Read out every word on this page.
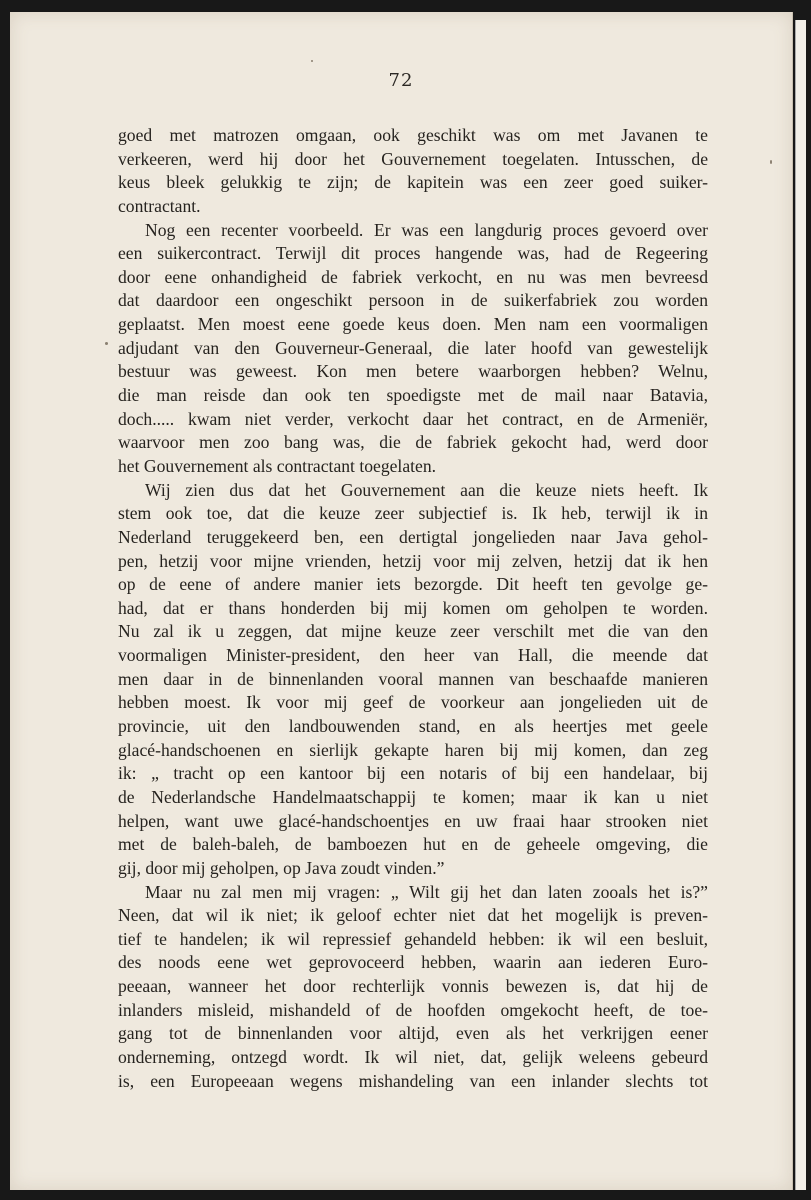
72
goed met matrozen omgaan, ook geschikt was om met Javanen te
verkeeren, werd hij door het Gouvernement toegelaten. Intusschen, de
keus bleek gelukkig te zijn; de kapitein was een zeer goed suiker-
contractant.
Nog een recenter voorbeeld. Er was een langdurig proces gevoerd over
een suikercontract. Terwijl dit proces hangende was, had de Regeering
door eene onhandigheid de fabriek verkocht, en nu was men bevreesd
dat daardoor een ongeschikt persoon in de suikerfabriek zou worden
geplaatst. Men moest eene goede keus doen. Men nam een voormaligen
adjudant van den Gouverneur-Generaal, die later hoofd van gewestelijk
bestuur was geweest. Kon men betere waarborgen hebben? Welnu,
die man reisde dan ook ten spoedigste met de mail naar Batavia,
doch..... kwam niet verder, verkocht daar het contract, en de Armeniër,
waarvoor men zoo bang was, die de fabriek gekocht had, werd door
het Gouvernement als contractant toegelaten.
Wij zien dus dat het Gouvernement aan die keuze niets heeft. Ik
stem ook toe, dat die keuze zeer subjectief is. Ik heb, terwijl ik in
Nederland teruggekeerd ben, een dertigtal jongelieden naar Java gehol-
pen, hetzij voor mijne vrienden, hetzij voor mij zelven, hetzij dat ik hen
op de eene of andere manier iets bezorgde. Dit heeft ten gevolge ge-
had, dat er thans honderden bij mij komen om geholpen te worden.
Nu zal ik u zeggen, dat mijne keuze zeer verschilt met die van den
voormaligen Minister-president, den heer van Hall, die meende dat
men daar in de binnenlanden vooral mannen van beschaafde manieren
hebben moest. Ik voor mij geef de voorkeur aan jongelieden uit de
provincie, uit den landbouwenden stand, en als heertjes met geele
glacé-handschoenen en sierlijk gekapte haren bij mij komen, dan zeg
ik: „ tracht op een kantoor bij een notaris of bij een handelaar, bij
de Nederlandsche Handelmaatschappij te komen; maar ik kan u niet
helpen, want uwe glacé-handschoentjes en uw fraai haar strooken niet
met de baleh-baleh, de bamboezen hut en de geheele omgeving, die
gij, door mij geholpen, op Java zoudt vinden.”
Maar nu zal men mij vragen: „ Wilt gij het dan laten zooals het is?”
Neen, dat wil ik niet; ik geloof echter niet dat het mogelijk is preven-
tief te handelen; ik wil repressief gehandeld hebben: ik wil een besluit,
des noods eene wet geprovoceerd hebben, waarin aan iederen Euro-
peeaan, wanneer het door rechterlijk vonnis bewezen is, dat hij de
inlanders misleid, mishandeld of de hoofden omgekocht heeft, de toe-
gang tot de binnenlanden voor altijd, even als het verkrijgen eener
onderneming, ontzegd wordt. Ik wil niet, dat, gelijk weleens gebeurd
is, een Europeeaan wegens mishandeling van een inlander slechts tot
